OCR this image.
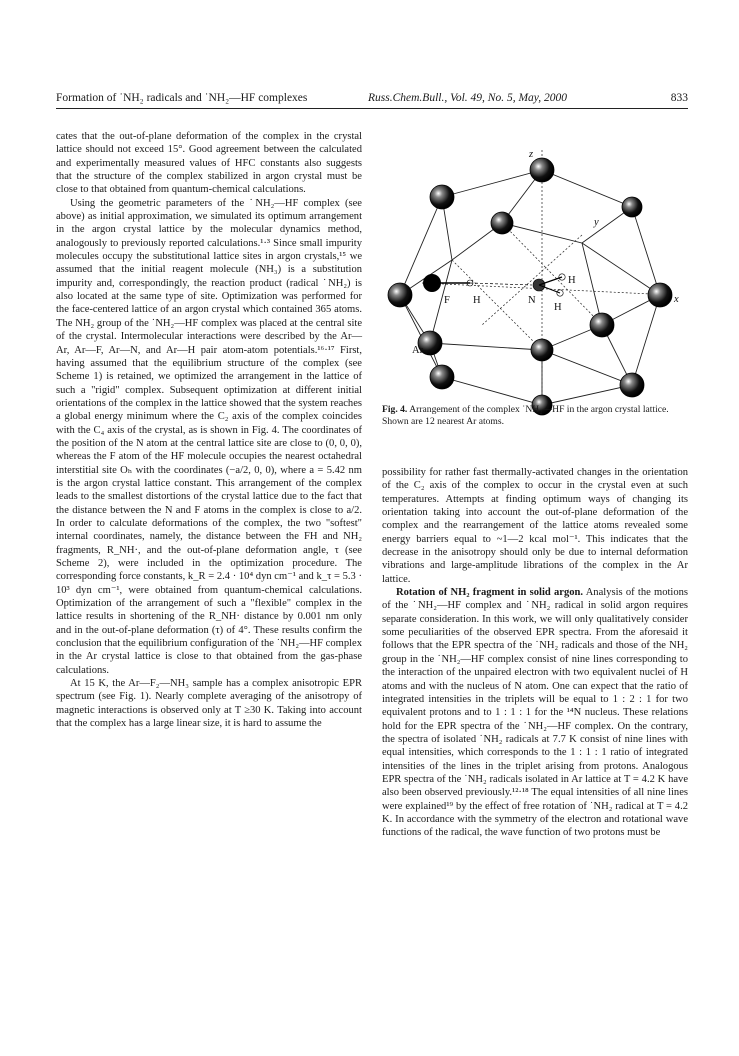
Formation of ˙NH₂ radicals and ˙NH₂—HF complexes	Russ.Chem.Bull., Vol. 49, No. 5, May, 2000	833

cates that the out-of-plane deformation of the complex in the crystal lattice should not exceed 15°. Good agreement between the calculated and experimentally measured values of HFC constants also suggests that the structure of the complex stabilized in argon crystal must be close to that obtained from quantum-chemical calculations.

Using the geometric parameters of the ˙NH₂—HF complex (see above) as initial approximation, we simulated its optimum arrangement in the argon crystal lattice by the molecular dynamics method, analogously to previously reported calculations.¹·³ Since small impurity molecules occupy the substitutional lattice sites in argon crystals,¹⁵ we assumed that the initial reagent molecule (NH₃) is a substitution impurity and, correspondingly, the reaction product (radical ˙NH₂) is also located at the same type of site. Optimization was performed for the face-centered lattice of an argon crystal which contained 365 atoms. The NH₂ group of the ˙NH₂—HF complex was placed at the central site of the crystal. Intermolecular interactions were described by the Ar—Ar, Ar—F, Ar—N, and Ar—H pair atom-atom potentials.¹⁶·¹⁷ First, having assumed that the equilibrium structure of the complex (see Scheme 1) is retained, we optimized the arrangement in the lattice of such a "rigid" complex. Subsequent optimization at different initial orientations of the complex in the lattice showed that the system reaches a global energy minimum where the C₂ axis of the complex coincides with the C₄ axis of the crystal, as is shown in Fig. 4. The coordinates of the position of the N atom at the central lattice site are close to (0, 0, 0), whereas the F atom of the HF molecule occupies the nearest octahedral interstitial site Oₕ with the coordinates (−a/2, 0, 0), where a = 5.42 nm is the argon crystal lattice constant. This arrangement of the complex leads to the smallest distortions of the crystal lattice due to the fact that the distance between the N and F atoms in the complex is close to a/2. In order to calculate deformations of the complex, the two "softest" internal coordinates, namely, the distance between the FH and NH₂ fragments, R_NH·, and the out-of-plane deformation angle, τ (see Scheme 2), were included in the optimization procedure. The corresponding force constants, k_R = 2.4 · 10⁴ dyn cm⁻¹ and k_τ = 5.3 · 10³ dyn cm⁻¹, were obtained from quantum-chemical calculations. Optimization of the arrangement of such a "flexible" complex in the lattice results in shortening of the R_NH· distance by 0.001 nm only and in the out-of-plane deformation (τ) of 4°. These results confirm the conclusion that the equilibrium configuration of the ˙NH₂—HF complex in the Ar crystal lattice is close to that obtained from the gas-phase calculations.

At 15 K, the Ar—F₂—NH₃ sample has a complex anisotropic EPR spectrum (see Fig. 1). Nearly complete averaging of the anisotropy of magnetic interactions is observed only at T ≥30 K. Taking into account that the complex has a large linear size, it is hard to assume the

z
y
x
F H	N
H
H
Ar
Fig. 4. Arrangement of the complex ˙NH₂—HF in the argon crystal lattice. Shown are 12 nearest Ar atoms.

possibility for rather fast thermally-activated changes in the orientation of the C₂ axis of the complex to occur in the crystal even at such temperatures. Attempts at finding optimum ways of changing its orientation taking into account the out-of-plane deformation of the complex and the rearrangement of the lattice atoms revealed some energy barriers equal to ~1—2 kcal mol⁻¹. This indicates that the decrease in the anisotropy should only be due to internal deformation vibrations and large-amplitude librations of the complex in the Ar lattice.

Rotation of NH₂ fragment in solid argon. Analysis of the motions of the ˙NH₂—HF complex and ˙NH₂ radical in solid argon requires separate consideration. In this work, we will only qualitatively consider some peculiarities of the observed EPR spectra. From the aforesaid it follows that the EPR spectra of the ˙NH₂ radicals and those of the NH₂ group in the ˙NH₂—HF complex consist of nine lines corresponding to the interaction of the unpaired electron with two equivalent nuclei of H atoms and with the nucleus of N atom. One can expect that the ratio of integrated intensities in the triplets will be equal to 1 : 2 : 1 for two equivalent protons and to 1 : 1 : 1 for the ¹⁴N nucleus. These relations hold for the EPR spectra of the ˙NH₂—HF complex. On the contrary, the spectra of isolated ˙NH₂ radicals at 7.7 K consist of nine lines with equal intensities, which corresponds to the 1 : 1 : 1 ratio of integrated intensities of the lines in the triplet arising from protons. Analogous EPR spectra of the ˙NH₂ radicals isolated in Ar lattice at T = 4.2 K have also been observed previously.¹²·¹⁸ The equal intensities of all nine lines were explained¹⁹ by the effect of free rotation of ˙NH₂ radical at T = 4.2 K. In accordance with the symmetry of the electron and rotational wave functions of the radical, the wave function of two protons must be
